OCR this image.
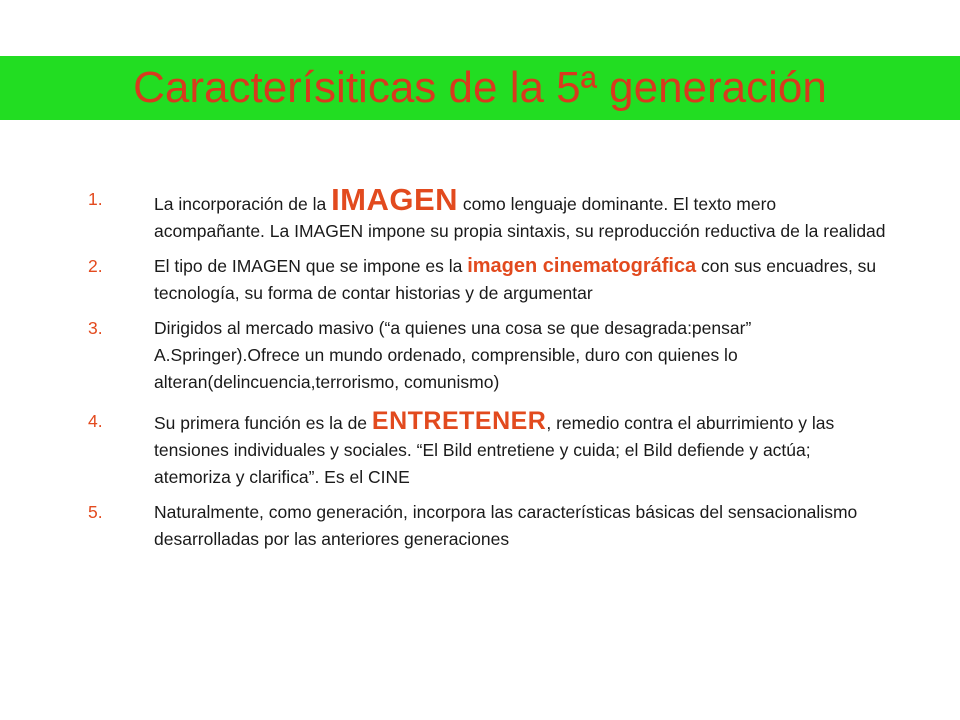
Caracterísiticas de la 5ª generación
1.	La incorporación de la IMAGEN como lenguaje dominante. El texto mero acompañante. La IMAGEN impone su propia sintaxis, su reproducción reductiva de la realidad
2.	El tipo de IMAGEN que se impone es la imagen cinematográfica con sus encuadres, su tecnología, su forma de contar historias y de argumentar
3.	Dirigidos al mercado masivo (“a quienes una cosa se que desagrada:pensar” A.Springer).Ofrece un mundo ordenado, comprensible, duro con quienes lo alteran(delincuencia,terrorismo, comunismo)
4.	Su primera función es la de ENTRETENER, remedio contra el aburrimiento y las tensiones individuales y sociales. “El Bild entretiene y cuida; el Bild defiende y actúa; atemoriza y clarifica”. Es el CINE
5.	Naturalmente, como generación, incorpora las características básicas del sensacionalismo desarrolladas por las anteriores generaciones
